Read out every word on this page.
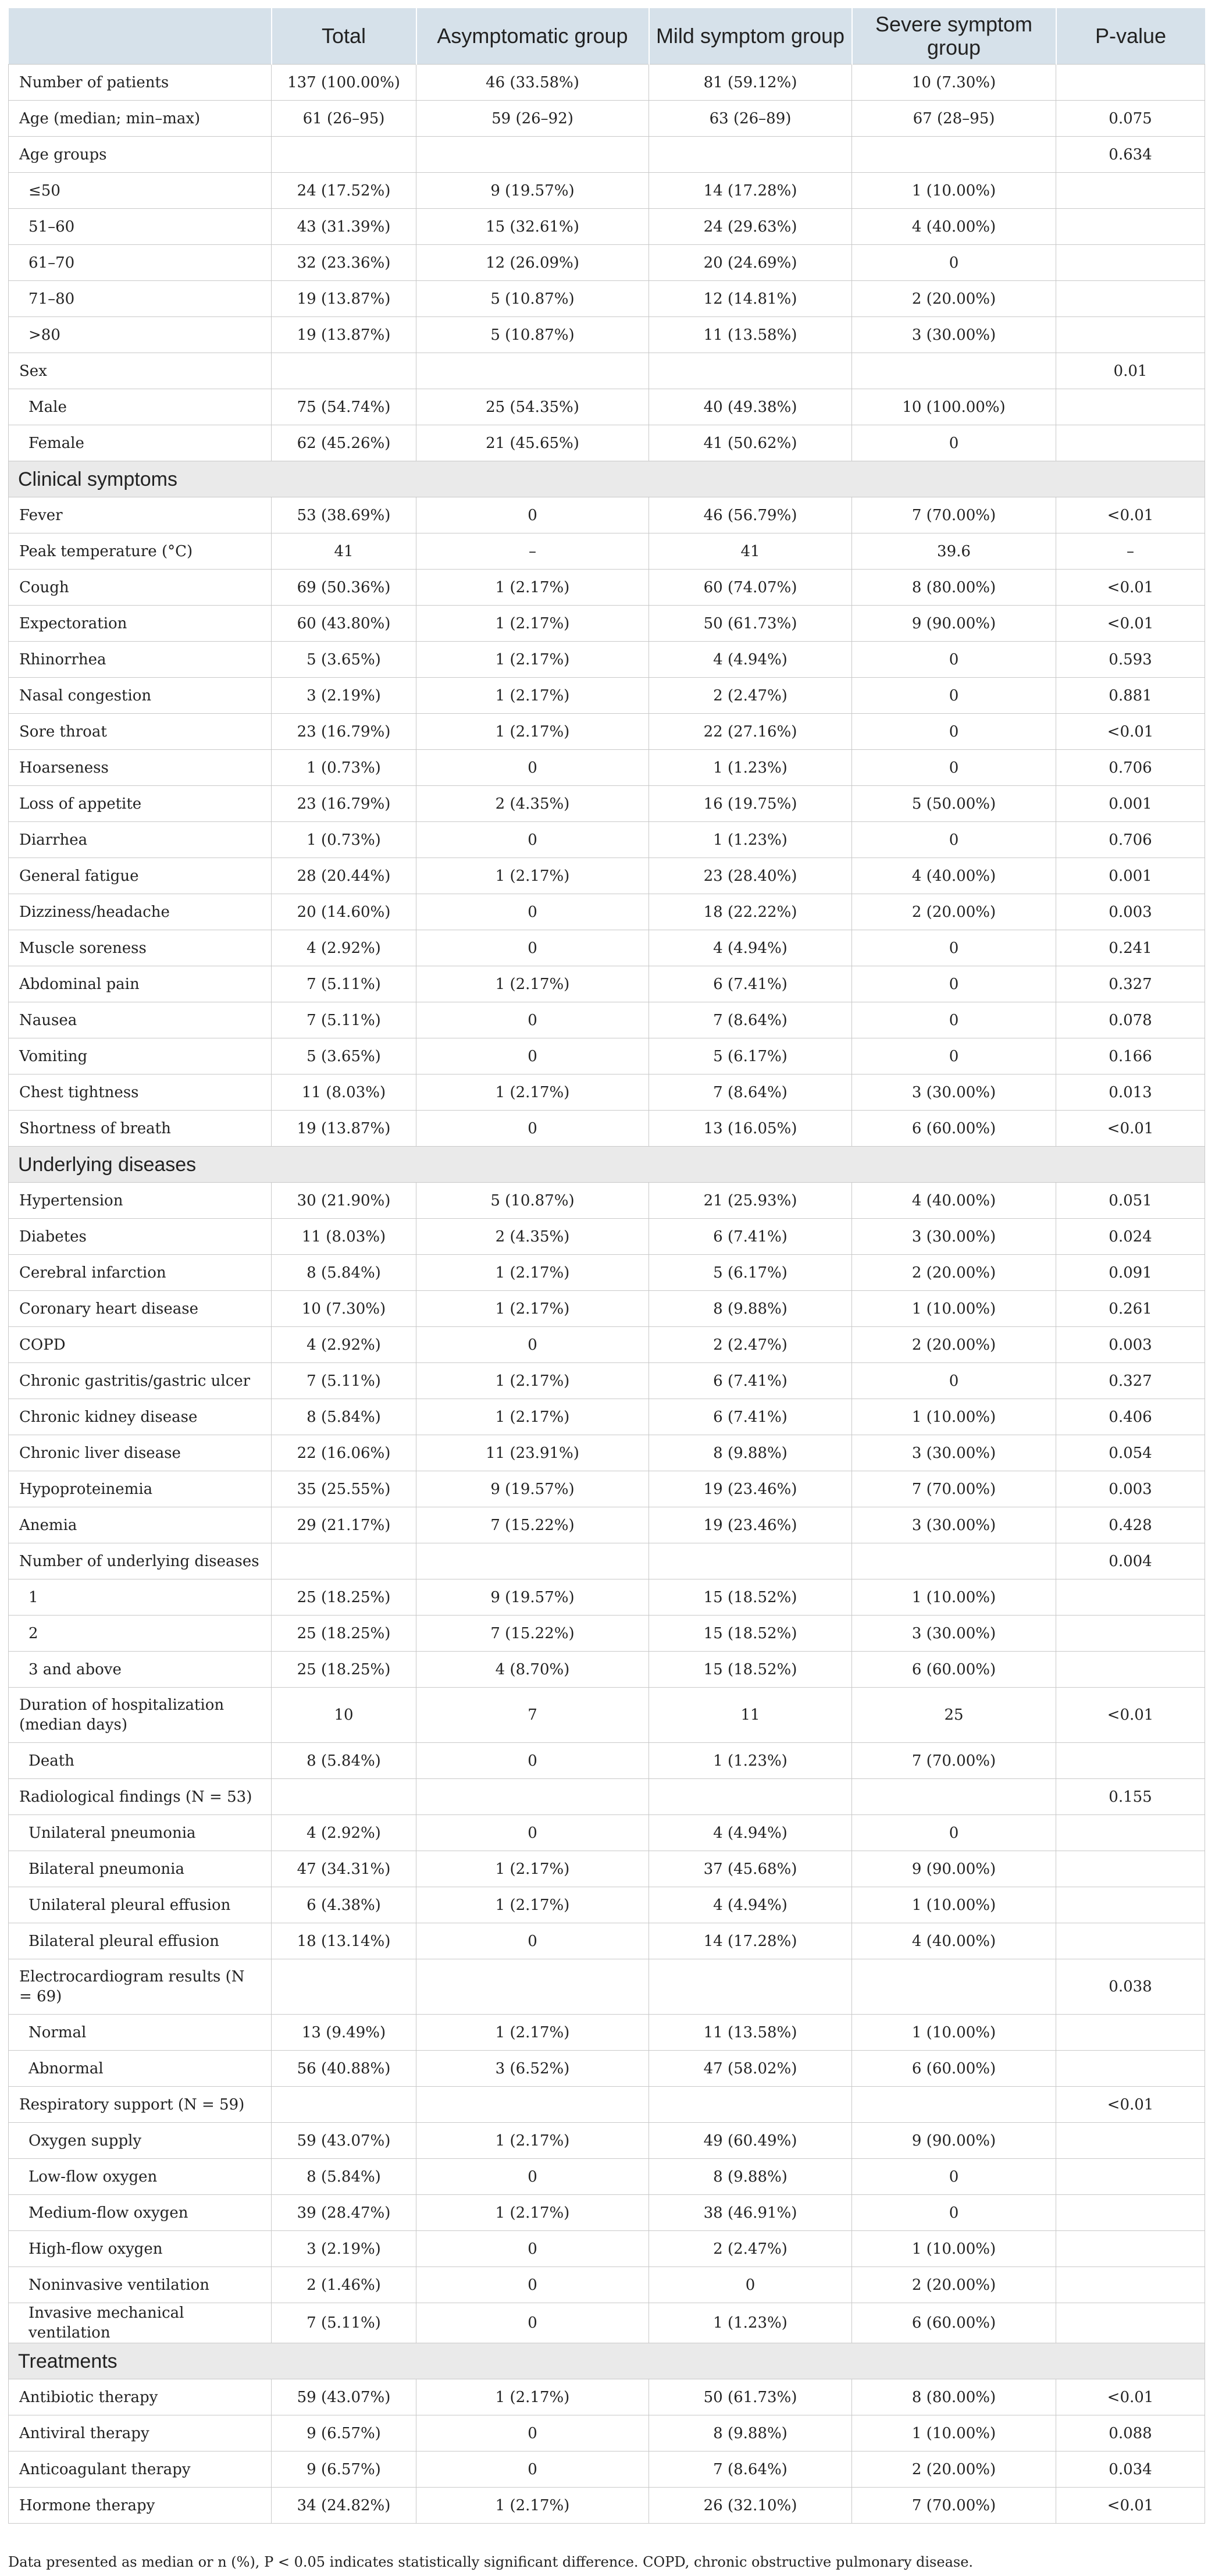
	Total	Asymptomatic group	Mild symptom group	Severe symptom group	P-value
Number of patients	137 (100.00%)	46 (33.58%)	81 (59.12%)	10 (7.30%)	
Age (median; min–max)	61 (26–95)	59 (26–92)	63 (26–89)	67 (28–95)	0.075
Age groups					0.634
≤50	24 (17.52%)	9 (19.57%)	14 (17.28%)	1 (10.00%)	
51–60	43 (31.39%)	15 (32.61%)	24 (29.63%)	4 (40.00%)	
61–70	32 (23.36%)	12 (26.09%)	20 (24.69%)	0	
71–80	19 (13.87%)	5 (10.87%)	12 (14.81%)	2 (20.00%)	
>80	19 (13.87%)	5 (10.87%)	11 (13.58%)	3 (30.00%)	
Sex					0.01
Male	75 (54.74%)	25 (54.35%)	40 (49.38%)	10 (100.00%)	
Female	62 (45.26%)	21 (45.65%)	41 (50.62%)	0	
Clinical symptoms					
Fever	53 (38.69%)	0	46 (56.79%)	7 (70.00%)	<0.01
Peak temperature (°C)	41	–	41	39.6	–
Cough	69 (50.36%)	1 (2.17%)	60 (74.07%)	8 (80.00%)	<0.01
Expectoration	60 (43.80%)	1 (2.17%)	50 (61.73%)	9 (90.00%)	<0.01
Rhinorrhea	5 (3.65%)	1 (2.17%)	4 (4.94%)	0	0.593
Nasal congestion	3 (2.19%)	1 (2.17%)	2 (2.47%)	0	0.881
Sore throat	23 (16.79%)	1 (2.17%)	22 (27.16%)	0	<0.01
Hoarseness	1 (0.73%)	0	1 (1.23%)	0	0.706
Loss of appetite	23 (16.79%)	2 (4.35%)	16 (19.75%)	5 (50.00%)	0.001
Diarrhea	1 (0.73%)	0	1 (1.23%)	0	0.706
General fatigue	28 (20.44%)	1 (2.17%)	23 (28.40%)	4 (40.00%)	0.001
Dizziness/headache	20 (14.60%)	0	18 (22.22%)	2 (20.00%)	0.003
Muscle soreness	4 (2.92%)	0	4 (4.94%)	0	0.241
Abdominal pain	7 (5.11%)	1 (2.17%)	6 (7.41%)	0	0.327
Nausea	7 (5.11%)	0	7 (8.64%)	0	0.078
Vomiting	5 (3.65%)	0	5 (6.17%)	0	0.166
Chest tightness	11 (8.03%)	1 (2.17%)	7 (8.64%)	3 (30.00%)	0.013
Shortness of breath	19 (13.87%)	0	13 (16.05%)	6 (60.00%)	<0.01
Underlying diseases					
Hypertension	30 (21.90%)	5 (10.87%)	21 (25.93%)	4 (40.00%)	0.051
Diabetes	11 (8.03%)	2 (4.35%)	6 (7.41%)	3 (30.00%)	0.024
Cerebral infarction	8 (5.84%)	1 (2.17%)	5 (6.17%)	2 (20.00%)	0.091
Coronary heart disease	10 (7.30%)	1 (2.17%)	8 (9.88%)	1 (10.00%)	0.261
COPD	4 (2.92%)	0	2 (2.47%)	2 (20.00%)	0.003
Chronic gastritis/gastric ulcer	7 (5.11%)	1 (2.17%)	6 (7.41%)	0	0.327
Chronic kidney disease	8 (5.84%)	1 (2.17%)	6 (7.41%)	1 (10.00%)	0.406
Chronic liver disease	22 (16.06%)	11 (23.91%)	8 (9.88%)	3 (30.00%)	0.054
Hypoproteinemia	35 (25.55%)	9 (19.57%)	19 (23.46%)	7 (70.00%)	0.003
Anemia	29 (21.17%)	7 (15.22%)	19 (23.46%)	3 (30.00%)	0.428
Number of underlying diseases					0.004
1	25 (18.25%)	9 (19.57%)	15 (18.52%)	1 (10.00%)	
2	25 (18.25%)	7 (15.22%)	15 (18.52%)	3 (30.00%)	
3 and above	25 (18.25%)	4 (8.70%)	15 (18.52%)	6 (60.00%)	
Duration of hospitalization (median days)	10	7	11	25	<0.01
Death	8 (5.84%)	0	1 (1.23%)	7 (70.00%)	
Radiological findings (N = 53)					0.155
Unilateral pneumonia	4 (2.92%)	0	4 (4.94%)	0	
Bilateral pneumonia	47 (34.31%)	1 (2.17%)	37 (45.68%)	9 (90.00%)	
Unilateral pleural effusion	6 (4.38%)	1 (2.17%)	4 (4.94%)	1 (10.00%)	
Bilateral pleural effusion	18 (13.14%)	0	14 (17.28%)	4 (40.00%)	
Electrocardiogram results (N = 69)					0.038
Normal	13 (9.49%)	1 (2.17%)	11 (13.58%)	1 (10.00%)	
Abnormal	56 (40.88%)	3 (6.52%)	47 (58.02%)	6 (60.00%)	
Respiratory support (N = 59)					<0.01
Oxygen supply	59 (43.07%)	1 (2.17%)	49 (60.49%)	9 (90.00%)	
Low-flow oxygen	8 (5.84%)	0	8 (9.88%)	0	
Medium-flow oxygen	39 (28.47%)	1 (2.17%)	38 (46.91%)	0	
High-flow oxygen	3 (2.19%)	0	2 (2.47%)	1 (10.00%)	
Noninvasive ventilation	2 (1.46%)	0	0	2 (20.00%)	
Invasive mechanical ventilation	7 (5.11%)	0	1 (1.23%)	6 (60.00%)	
Treatments					
Antibiotic therapy	59 (43.07%)	1 (2.17%)	50 (61.73%)	8 (80.00%)	<0.01
Antiviral therapy	9 (6.57%)	0	8 (9.88%)	1 (10.00%)	0.088
Anticoagulant therapy	9 (6.57%)	0	7 (8.64%)	2 (20.00%)	0.034
Hormone therapy	34 (24.82%)	1 (2.17%)	26 (32.10%)	7 (70.00%)	<0.01
Data presented as median or n (%), P < 0.05 indicates statistically significant difference. COPD, chronic obstructive pulmonary disease.
